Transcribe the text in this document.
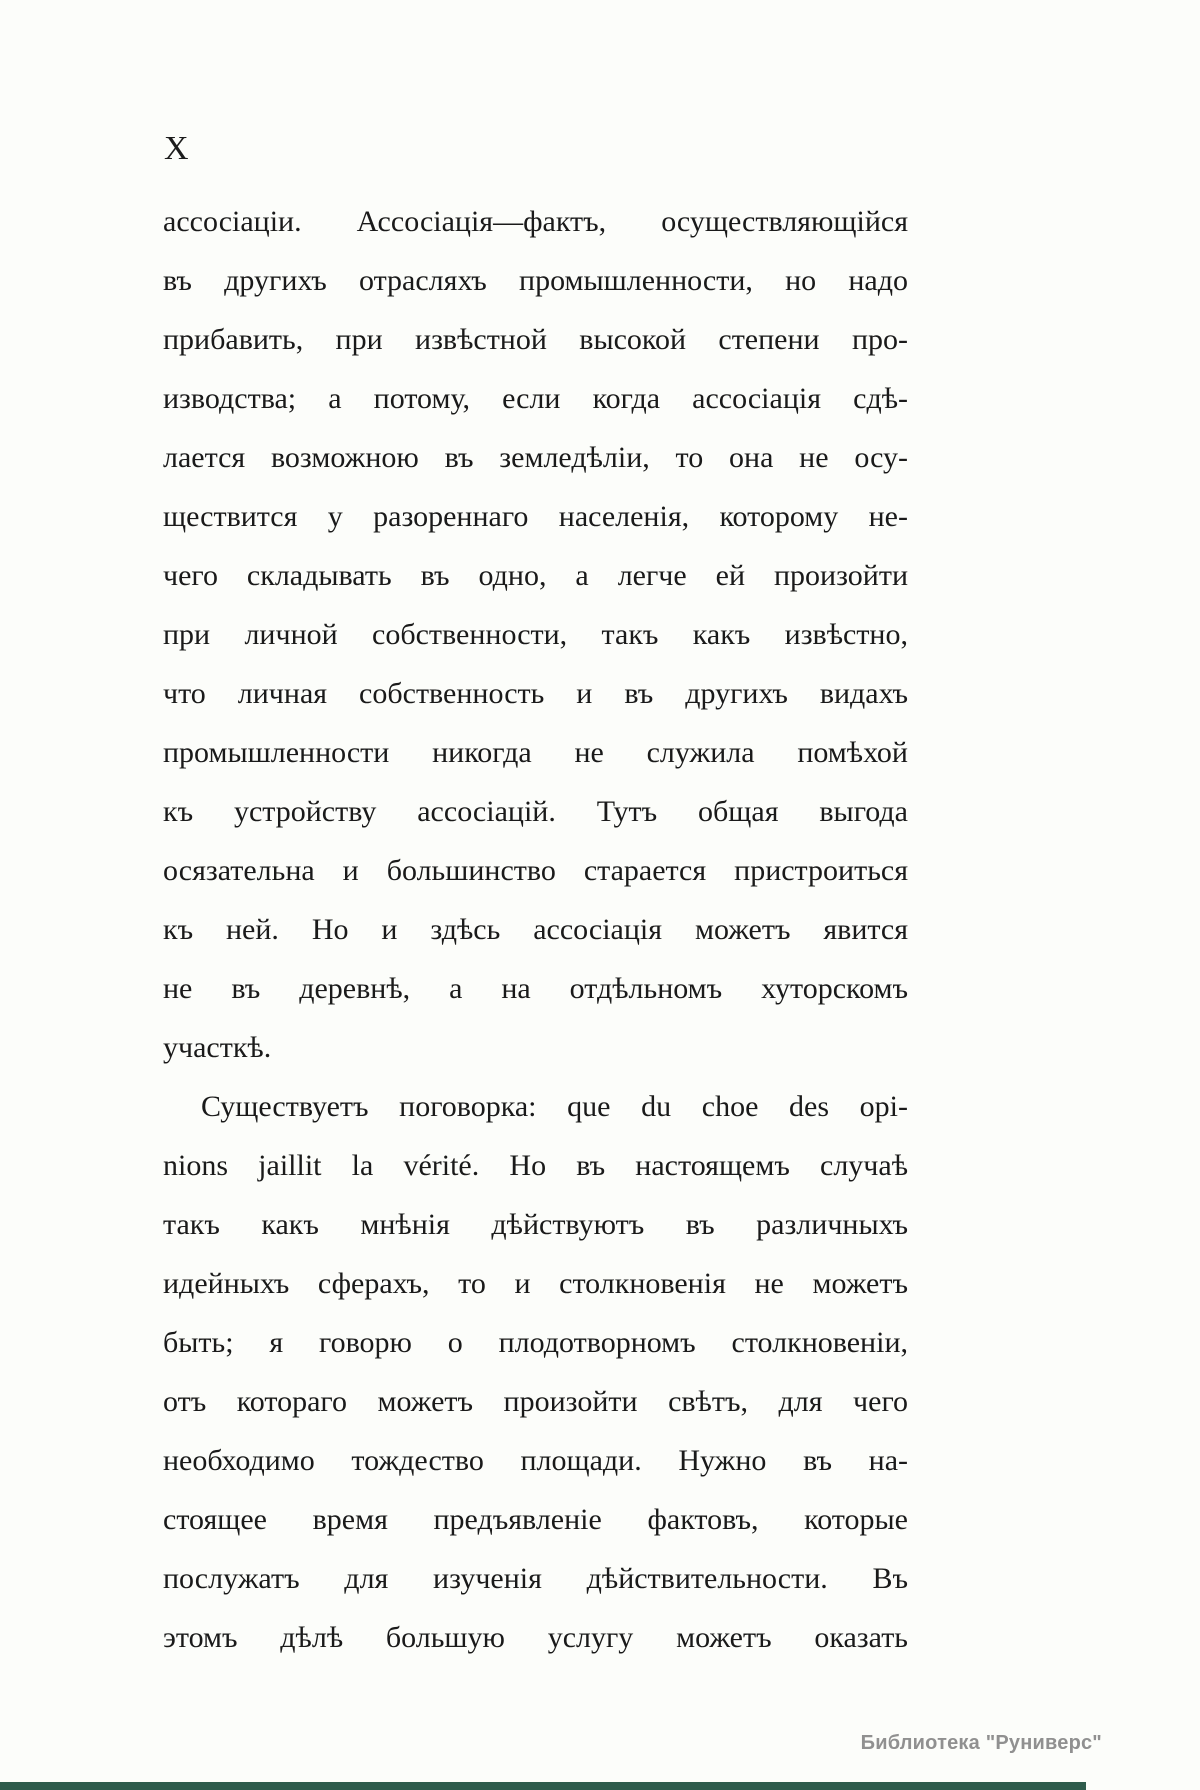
X
ассосіаціи. Ассосіація—фактъ, осуществляющійся
въ другихъ отрасляхъ промышленности, но надо
прибавить, при извѣстной высокой степени про-
изводства; а потому, если когда ассосіація сдѣ-
лается возможною въ земледѣліи, то она не осу-
ществится у разореннаго населенія, которому не-
чего складывать въ одно, а легче ей произойти
при личной собственности, такъ какъ извѣстно,
что личная собственность и въ другихъ видахъ
промышленности никогда не служила помѣхой
къ устройству ассосіацій. Тутъ общая выгода
осязательна и большинство старается пристроиться
къ ней. Но и здѣсь ассосіація можетъ явится
не въ деревнѣ, а на отдѣльномъ хуторскомъ
участкѣ.
Существуетъ поговорка: que du choe des opi-
nions jaillit la vérité. Но въ настоящемъ случаѣ
такъ какъ мнѣнія дѣйствуютъ въ различныхъ
идейныхъ сферахъ, то и столкновенія не можетъ
быть; я говорю о плодотворномъ столкновеніи,
отъ котораго можетъ произойти свѣтъ, для чего
необходимо тождество площади. Нужно въ на-
стоящее время предъявленіе фактовъ, которые
послужатъ для изученія дѣйствительности. Въ
этомъ дѣлѣ большую услугу можетъ оказать
Библиотека "Руниверс"
